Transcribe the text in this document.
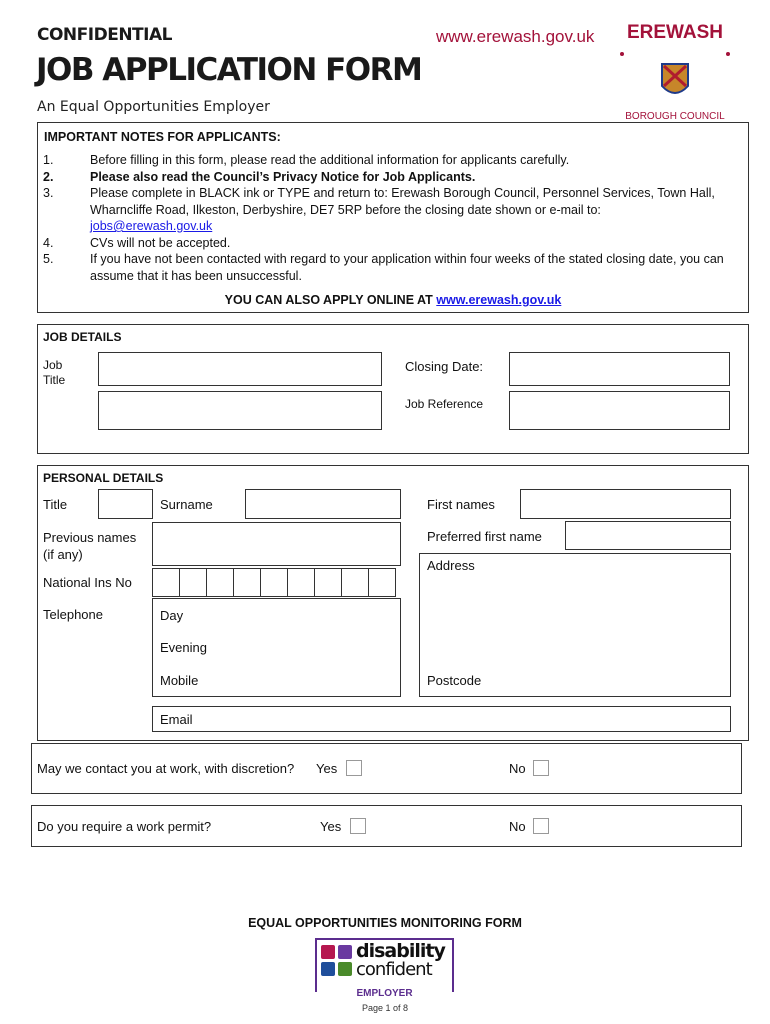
CONFIDENTIAL
JOB APPLICATION FORM
An Equal Opportunities Employer
www.erewash.gov.uk	EREWASH
BOROUGH COUNCIL
IMPORTANT NOTES FOR APPLICANTS:
1.	Before filling in this form, please read the additional information for applicants carefully.
2.	Please also read the Council’s Privacy Notice for Job Applicants.
3.	Please complete in BLACK ink or TYPE and return to: Erewash Borough Council, Personnel Services, Town Hall, Wharncliffe Road, Ilkeston, Derbyshire, DE7 5RP before the closing date shown or e-mail to:
jobs@erewash.gov.uk
4.	CVs will not be accepted.
5.	If you have not been contacted with regard to your application within four weeks of the stated closing date, you can assume that it has been unsuccessful.
YOU CAN ALSO APPLY ONLINE AT www.erewash.gov.uk
JOB DETAILS
Job Title
Closing Date:
Job Reference
PERSONAL DETAILS
Title	Surname	First names
Previous names (if any)
Preferred first name
Address
Postcode
National Ins No
Telephone	Day
Evening
Mobile
Email
May we contact you at work, with discretion? Yes	No
Do you require a work permit?	Yes	No
EQUAL OPPORTUNITIES MONITORING FORM
disability
confident
EMPLOYER
Page 1 of 8
